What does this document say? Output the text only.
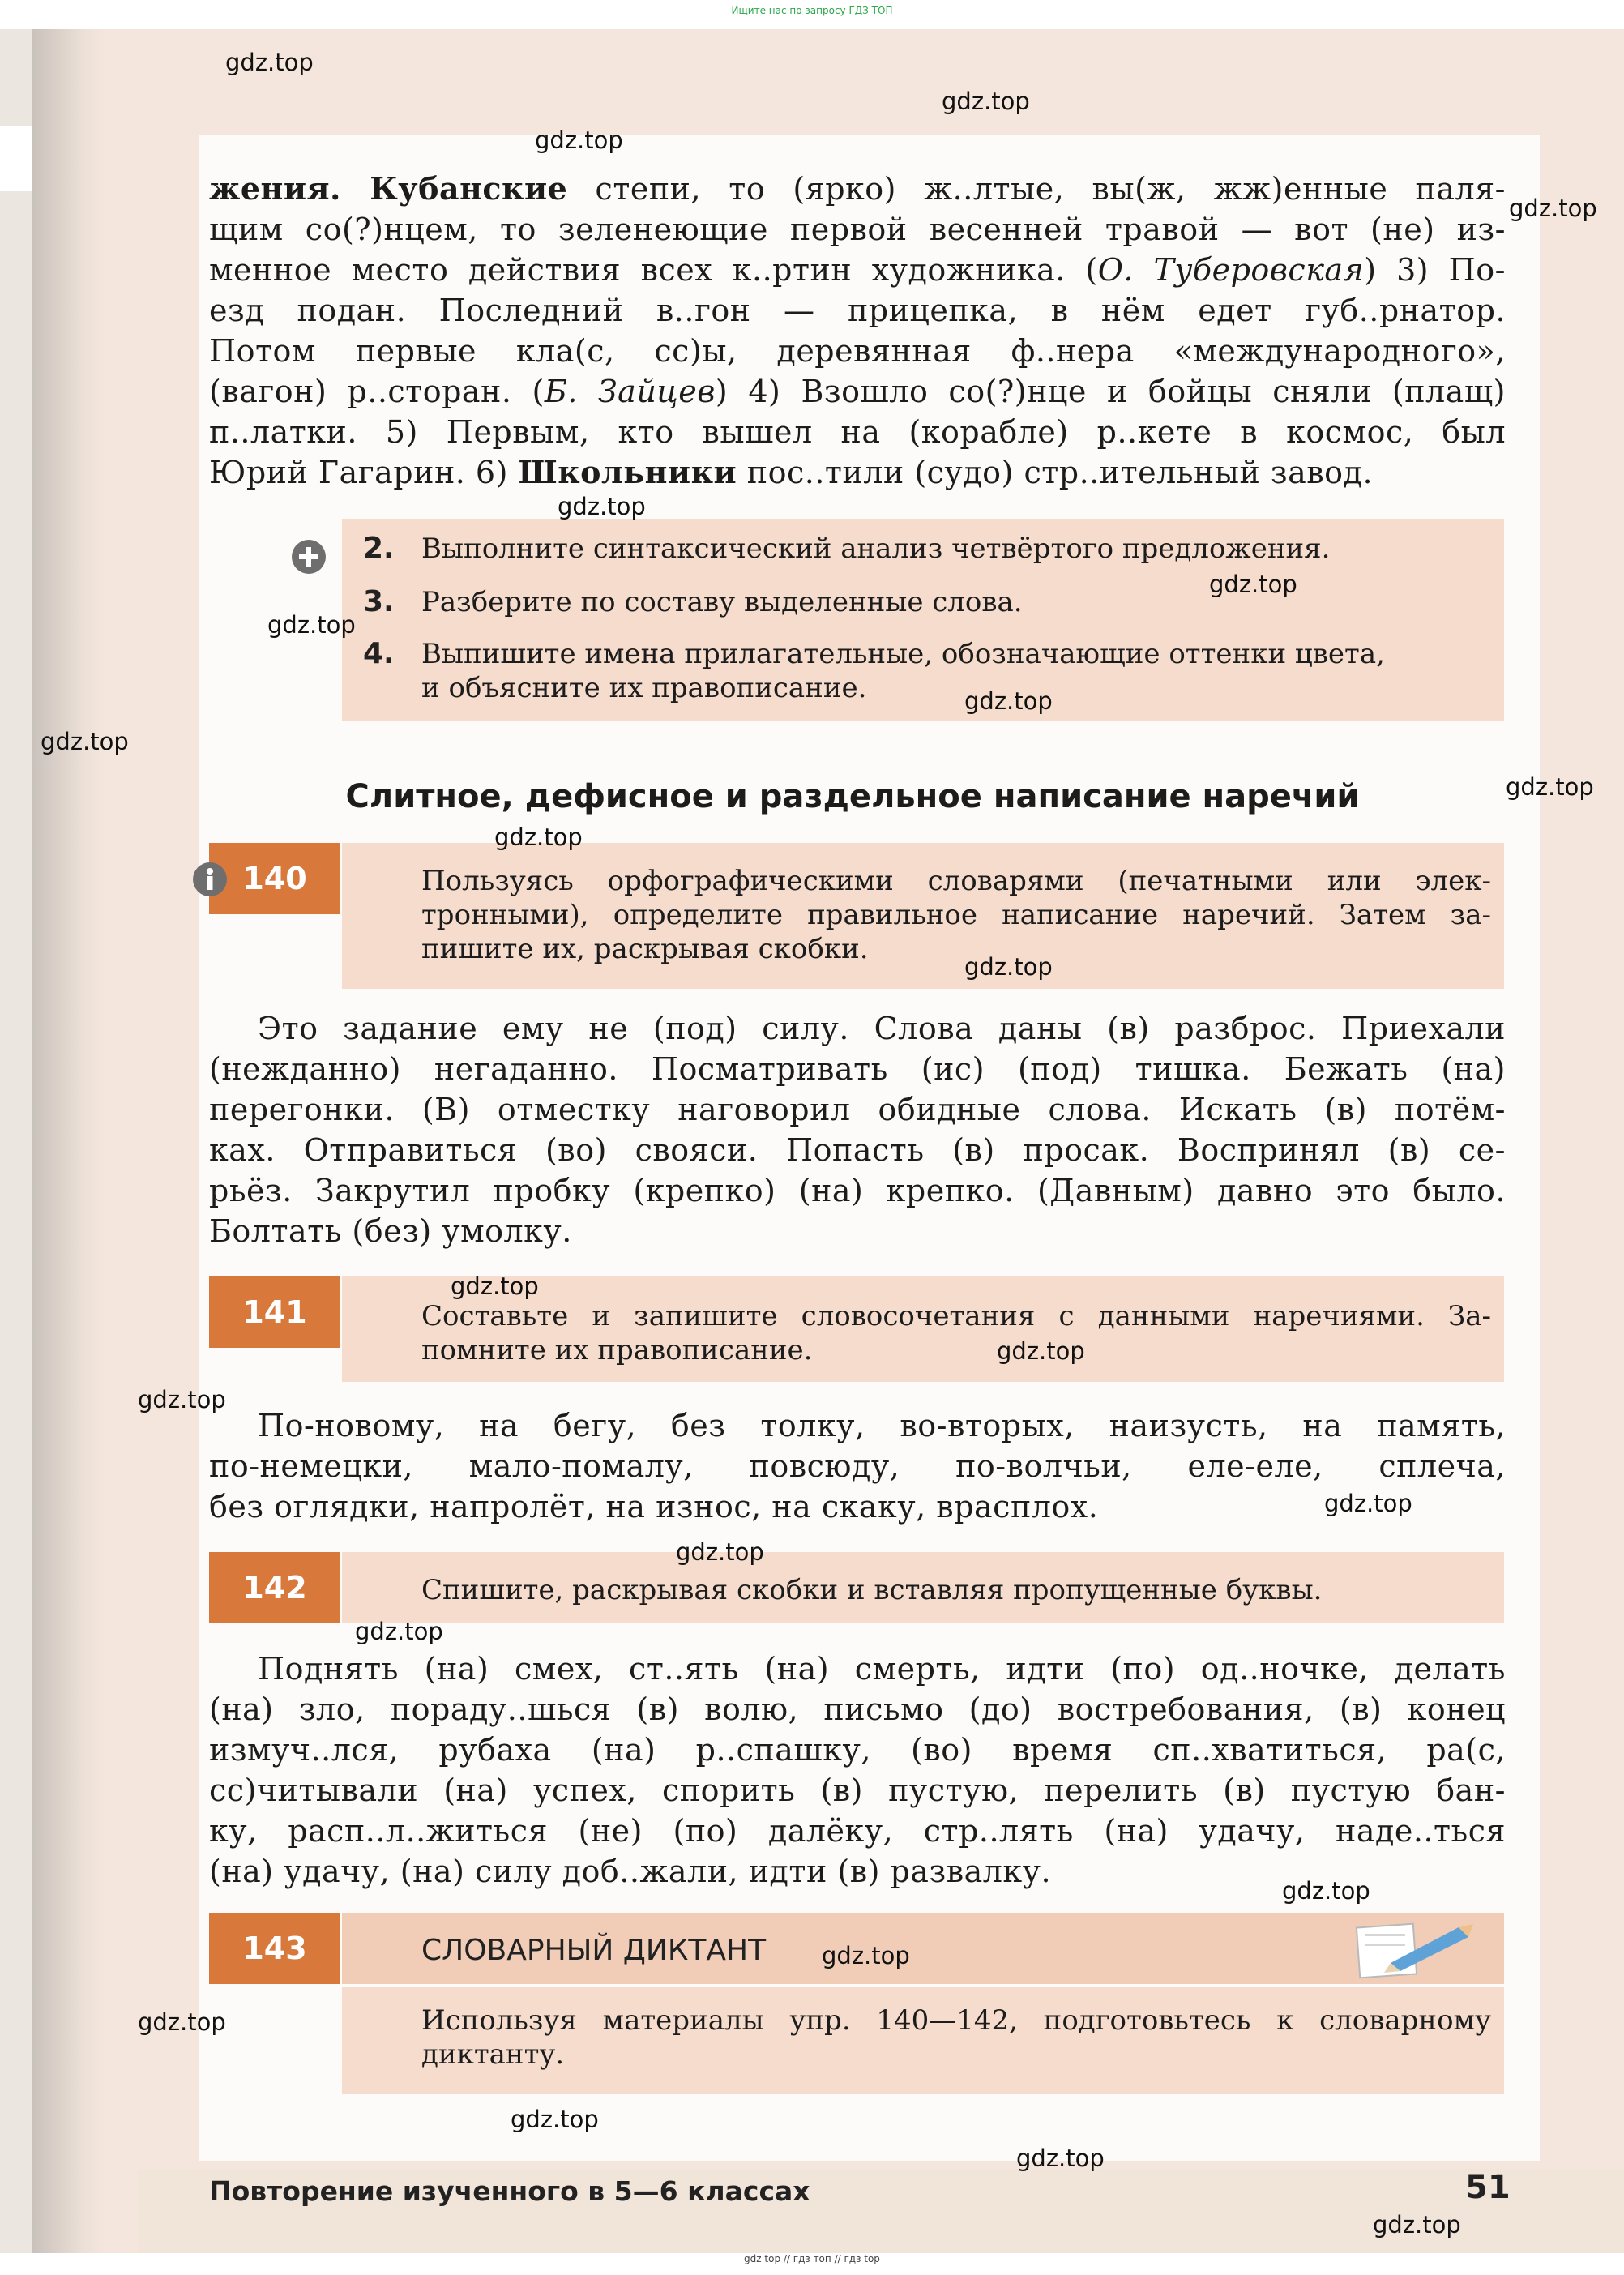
Ищите нас по запросу ГДЗ ТОП
жения. Кубанские степи, то (ярко) ж..лтые, вы(ж, жж)енные паля-
щим со(?)нцем, то зеленеющие первой весенней травой — вот (не) из-
менное место действия всех к..ртин художника. (О. Туберовская) 3) По-
езд подан. Последний в..гон — прицепка, в нём едет губ..рнатор.
Потом первые кла(с, сс)ы, деревянная ф..нера «международного»,
(вагон) р..сторан. (Б. Зайцев) 4) Взошло со(?)нце и бойцы сняли (плащ)
п..латки. 5) Первым, кто вышел на (корабле) р..кете в космос, был
Юрий Гагарин. 6) Школьники пос..тили (судо) стр..ительный завод.
2. Выполните синтаксический анализ четвёртого предложения.
3. Разберите по составу выделенные слова.
4. Выпишите имена прилагательные, обозначающие оттенки цвета,
и объясните их правописание.
Слитное, дефисное и раздельное написание наречий
140	Пользуясь орфографическими словарями (печатными или элек-
тронными), определите правильное написание наречий. Затем за-
пишите их, раскрывая скобки.
Это задание ему не (под) силу. Слова даны (в) разброс. Приехали
(нежданно) негаданно. Посматривать (ис) (под) тишка. Бежать (на)
перегонки. (В) отместку наговорил обидные слова. Искать (в) потём-
ках. Отправиться (во) свояси. Попасть (в) просак. Воспринял (в) се-
рьёз. Закрутил пробку (крепко) (на) крепко. (Давным) давно это было.
Болтать (без) умолку.
141	Составьте и запишите словосочетания с данными наречиями. За-
помните их правописание.
По-новому, на бегу, без толку, во-вторых, наизусть, на память,
по-немецки, мало-помалу, повсюду, по-волчьи, еле-еле, сплеча,
без оглядки, напролёт, на износ, на скаку, врасплох.
142	Спишите, раскрывая скобки и вставляя пропущенные буквы.
Поднять (на) смех, ст..ять (на) смерть, идти (по) од..ночке, делать
(на) зло, пораду..шься (в) волю, письмо (до) востребования, (в) конец
измуч..лся, рубаха (на) р..спашку, (во) время сп..хватиться, ра(с,
сс)читывали (на) успех, спорить (в) пустую, перелить (в) пустую бан-
ку, расп..л..житься (не) (по) далёку, стр..лять (на) удачу, наде..ться
(на) удачу, (на) силу доб..жали, идти (в) развалку.
143	СЛОВАРНЫЙ ДИКТАНТ
Используя материалы упр. 140—142, подготовьтесь к словарному
диктанту.
Повторение изученного в 5—6 классах	51
gdz top // гдз топ // гдз top
gdz.top
gdz.top
gdz.top
gdz.top
gdz.top
gdz.top
gdz.top
gdz.top
gdz.top
gdz.top
gdz.top
gdz.top
gdz.top
gdz.top
gdz.top
gdz.top
gdz.top
gdz.top
gdz.top
gdz.top
gdz.top
gdz.top
gdz.top
gdz.top
